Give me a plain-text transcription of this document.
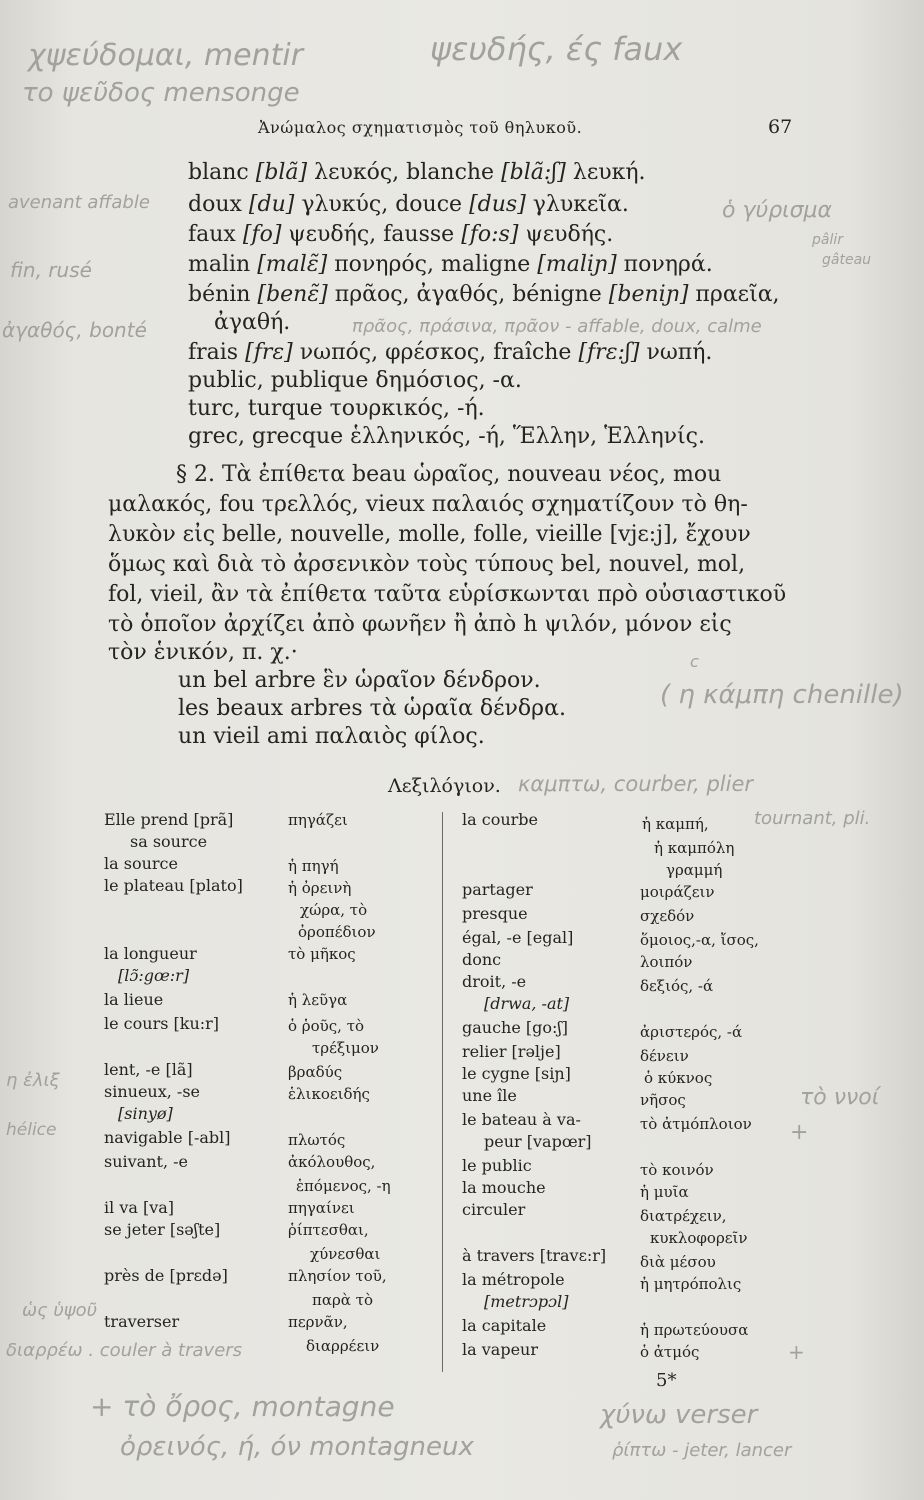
χψεύδομαι, mentir	ψευδής, ές faux
το ψεῦδος mensonge
Ἀνώμαλος σχηματισμὸς τοῦ θηλυκοῦ.	67
avenant affable
fin, rusé
ἀγαθός, bonté
η ἐλιξ
hélice
ὡς ὑψοῦ
ὁ γύρισμα
pâlir
gâteau
πρᾶος, πράσινα, πρᾶον - affable, doux, calme
( η κάμπη chenille)
c
καμπτω, courber, plier
tournant, pli.
+
τὸ ννοί
+
blanc [blã] λευκός, blanche [blã:ʃ] λευκή.
doux [du] γλυκύς, douce [dus] γλυκεῖα.
faux [fo] ψευδής, fausse [fo:s] ψευδής.
malin [malɛ̃] πονηρός, maligne [maliɲ] πονηρά.
bénin [benɛ̃] πρᾶος, ἀγαθός, bénigne [beniɲ] πραεῖα,
ἀγαθή.
frais [frɛ] νωπός, φρέσκος, fraîche [frɛ:ʃ] νωπή.
public, publique δημόσιος, -α.
turc, turque τουρκικός, -ή.
grec, grecque ἑλληνικός, -ή, Ἕλλην, Ἑλληνίς.
§ 2. Τὰ ἐπίθετα beau ὡραῖος, nouveau νέος, mou
μαλακός, fou τρελλός, vieux παλαιός σχηματίζουν τὸ θη-
λυκὸν εἰς belle, nouvelle, molle, folle, vieille [vjɛ:j], ἔχουν
ὅμως καὶ διὰ τὸ ἀρσενικὸν τοὺς τύπους bel, nouvel, mol,
fol, vieil, ἂν τὰ ἐπίθετα ταῦτα εὑρίσκωνται πρὸ οὐσιαστικοῦ
τὸ ὁποῖον ἀρχίζει ἀπὸ φωνῆεν ἢ ἀπὸ h ψιλόν, μόνον εἰς
τὸν ἑνικόν, π. χ.·
un bel arbre ἓν ὡραῖον δένδρον.
les beaux arbres τὰ ὡραῖα δένδρα.
un vieil ami παλαιὸς φίλος.
Λεξιλόγιον.
Elle prend [prã]
sa source
la source
le plateau [plato]
la longueur
[lɔ̃:gœ:r]
la lieue
le cours [ku:r]
lent, -e [lã]
sinueux, -se
[sinyø]
navigable [-abl]
suivant, -e
il va [va]
se jeter [səʃte]
près de [prɛdə]
traverser
πηγάζει
ἡ πηγή
ἡ ὀρεινὴ
χώρα, τὸ
ὀροπέδιον
τὸ μῆκος
ἡ λεῦγα
ὁ ῥοῦς, τὸ
τρέξιμον
βραδύς
ἑλικοειδής
πλωτός
ἀκόλουθος,
ἑπόμενος, -η
πηγαίνει
ῥίπτεσθαι,
χύνεσθαι
πλησίον τοῦ,
παρὰ τὸ
περνᾶν,
διαρρέειν
la courbe
partager
presque
égal, -e [egal]
donc
droit, -e
[drwa, -at]
gauche [go:ʃ]
relier [rəlje]
le cygne [siɲ]
une île
le bateau à va-
peur [vapœr]
le public
la mouche
circuler
à travers [travɛ:r]
la métropole
[metrɔpɔl]
la capitale
la vapeur
ἡ καμπή,
ἡ καμπόλη
γραμμή
μοιράζειν
σχεδόν
ὅμοιος,-α, ἴσος,
λοιπόν
δεξιός, -ά
ἀριστερός, -ά
δένειν
ὁ κύκνος
νῆσος
τὸ ἀτμόπλοιον
τὸ κοινόν
ἡ μυῖα
διατρέχειν,
κυκλοφορεῖν
διὰ μέσου
ἡ μητρόπολις
ἡ πρωτεύουσα
ὁ ἀτμός
5*
διαρρέω . couler à travers
+ τὸ ὄρος, montagne
ὀρεινός, ή, όν montagneux
χύνω verser
ῥίπτω - jeter, lancer
